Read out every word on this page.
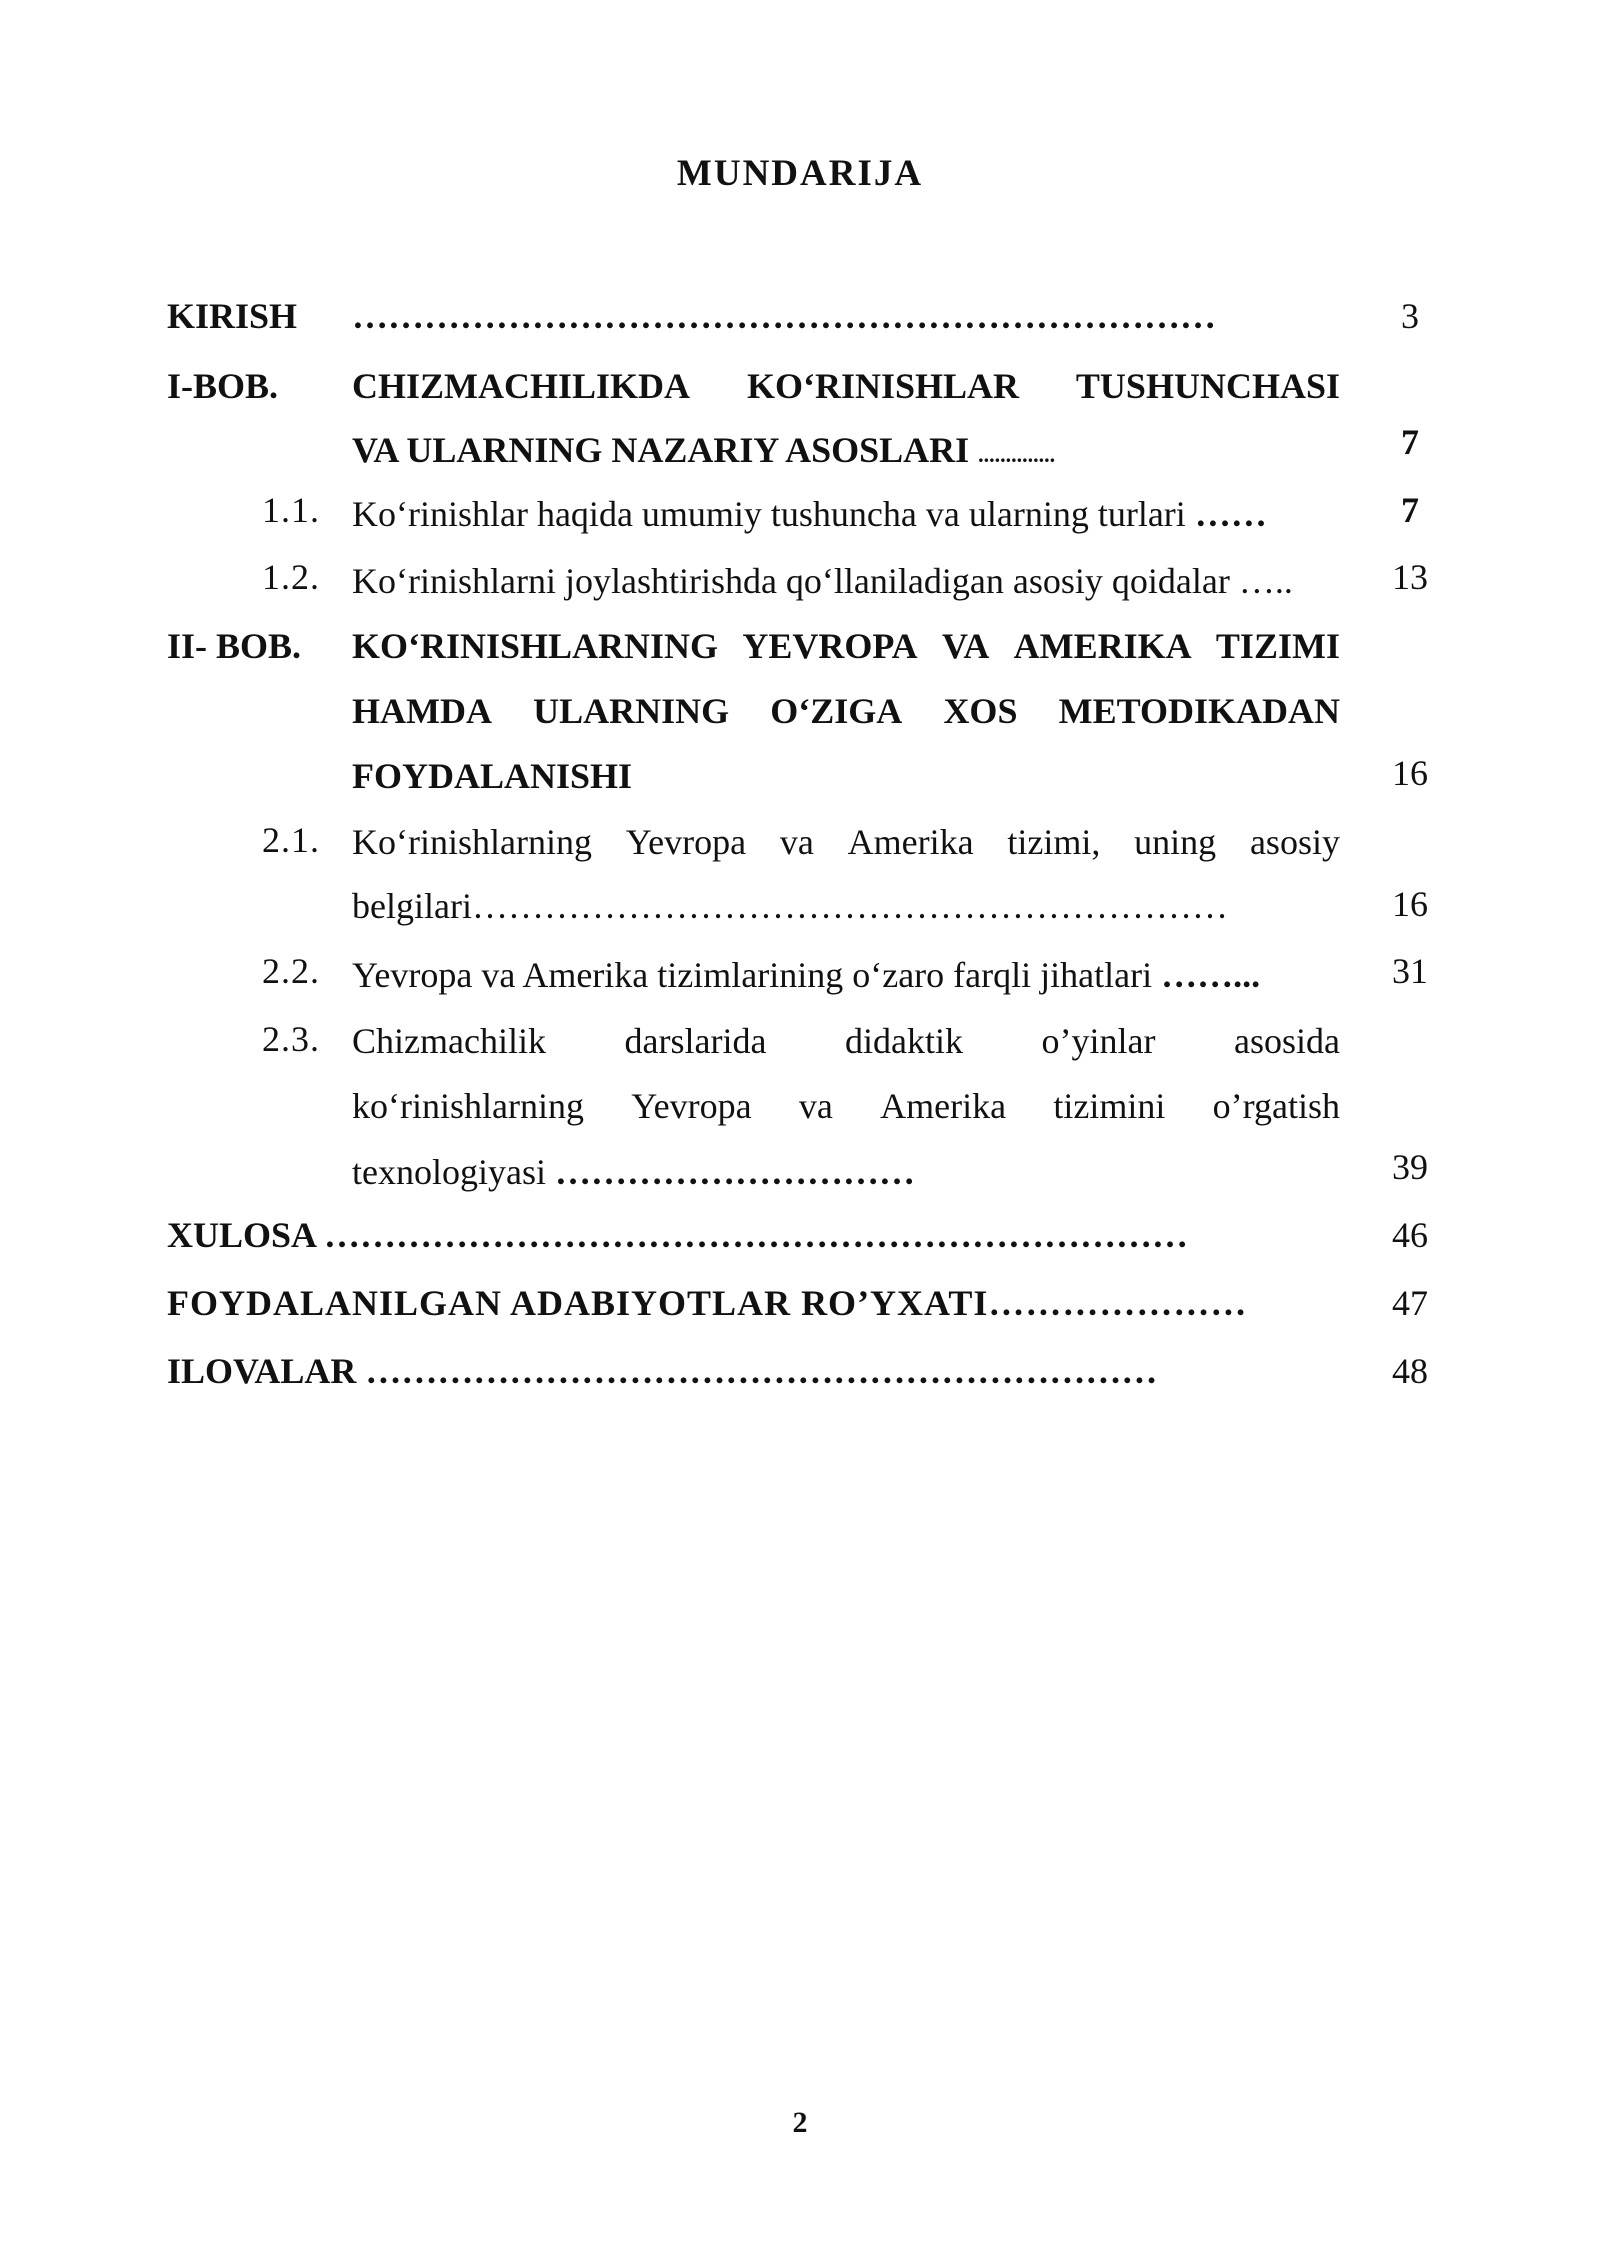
MUNDARIJA
KIRISH ………………………………………………………………	3
I-BOB. CHIZMACHILIKDA KO‘RINISHLAR TUSHUNCHASI
VA ULARNING NAZARIY ASOSLARI ..............	7
1.1. Ko‘rinishlar haqida umumiy tushuncha va ularning turlari ……	7
1.2. Ko‘rinishlarni joylashtirishda qo‘llaniladigan asosiy qoidalar …..	13
II- BOB. KO‘RINISHLARNING YEVROPA VA AMERIKA TIZIMI
HAMDA ULARNING O‘ZIGA XOS METODIKADAN
FOYDALANISHI	16
2.1. Ko‘rinishlarning Yevropa va Amerika tizimi, uning asosiy
belgilari………………………………………………………	16
2.2. Yevropa va Amerika tizimlarining o‘zaro farqli jihatlari ……...	31
2.3. Chizmachilik darslarida didaktik o’yinlar asosida
ko‘rinishlarning Yevropa va Amerika tizimini o’rgatish
texnologiyasi …………………………	39
XULOSA ………………………………………………………………	46
FOYDALANILGAN ADABIYOTLAR RO’YXATI…………………	47
ILOVALAR …………………………………………………………	48
2
